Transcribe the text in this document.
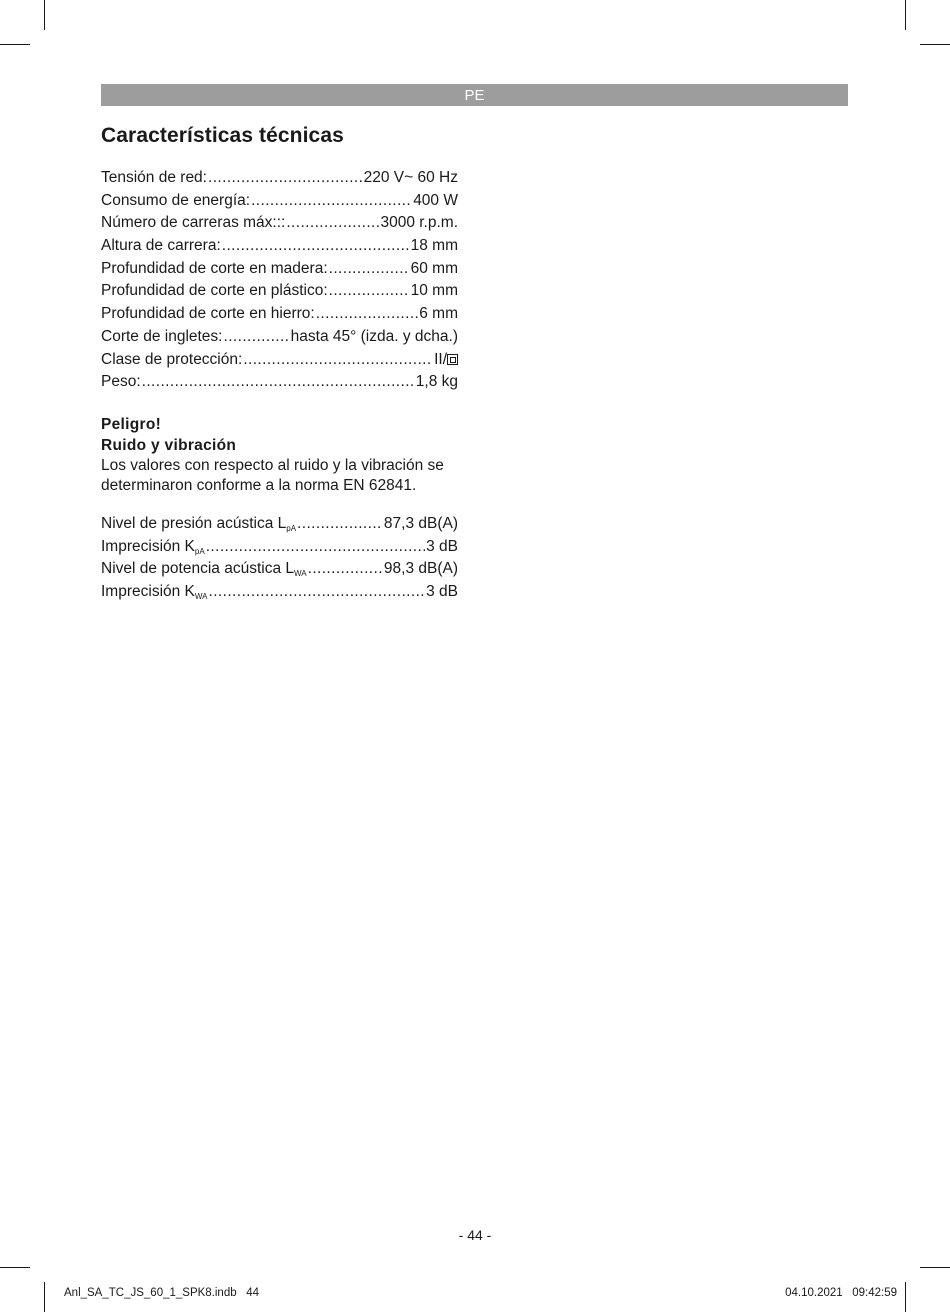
PE
Características técnicas
Tensión de red: .....	220 V~ 60 Hz
Consumo de energía: .....	400 W
Número de carreras máx::: .....	3000 r.p.m.
Altura de carrera: .....	18 mm
Profundidad de corte en madera: .....	60 mm
Profundidad de corte en plástico: .....	10 mm
Profundidad de corte en hierro: .....	6 mm
Corte de ingletes: .....	hasta 45° (izda. y dcha.)
Clase de protección: .....	II/
Peso: .....	1,8 kg
Peligro!
Ruido y vibración
Los valores con respecto al ruido y la vibración se
determinaron conforme a la norma EN 62841.
Nivel de presión acústica $L_{pA}$ .....	87,3 dB(A)
Imprecisión $K_{pA}$ .....	3 dB
Nivel de potencia acústica $L_{WA}$ .....	98,3 dB(A)
Imprecisión $K_{WA}$ .....	3 dB
- 44 -
Anl_SA_TC_JS_60_1_SPK8.indb   44	04.10.2021   09:42:59
